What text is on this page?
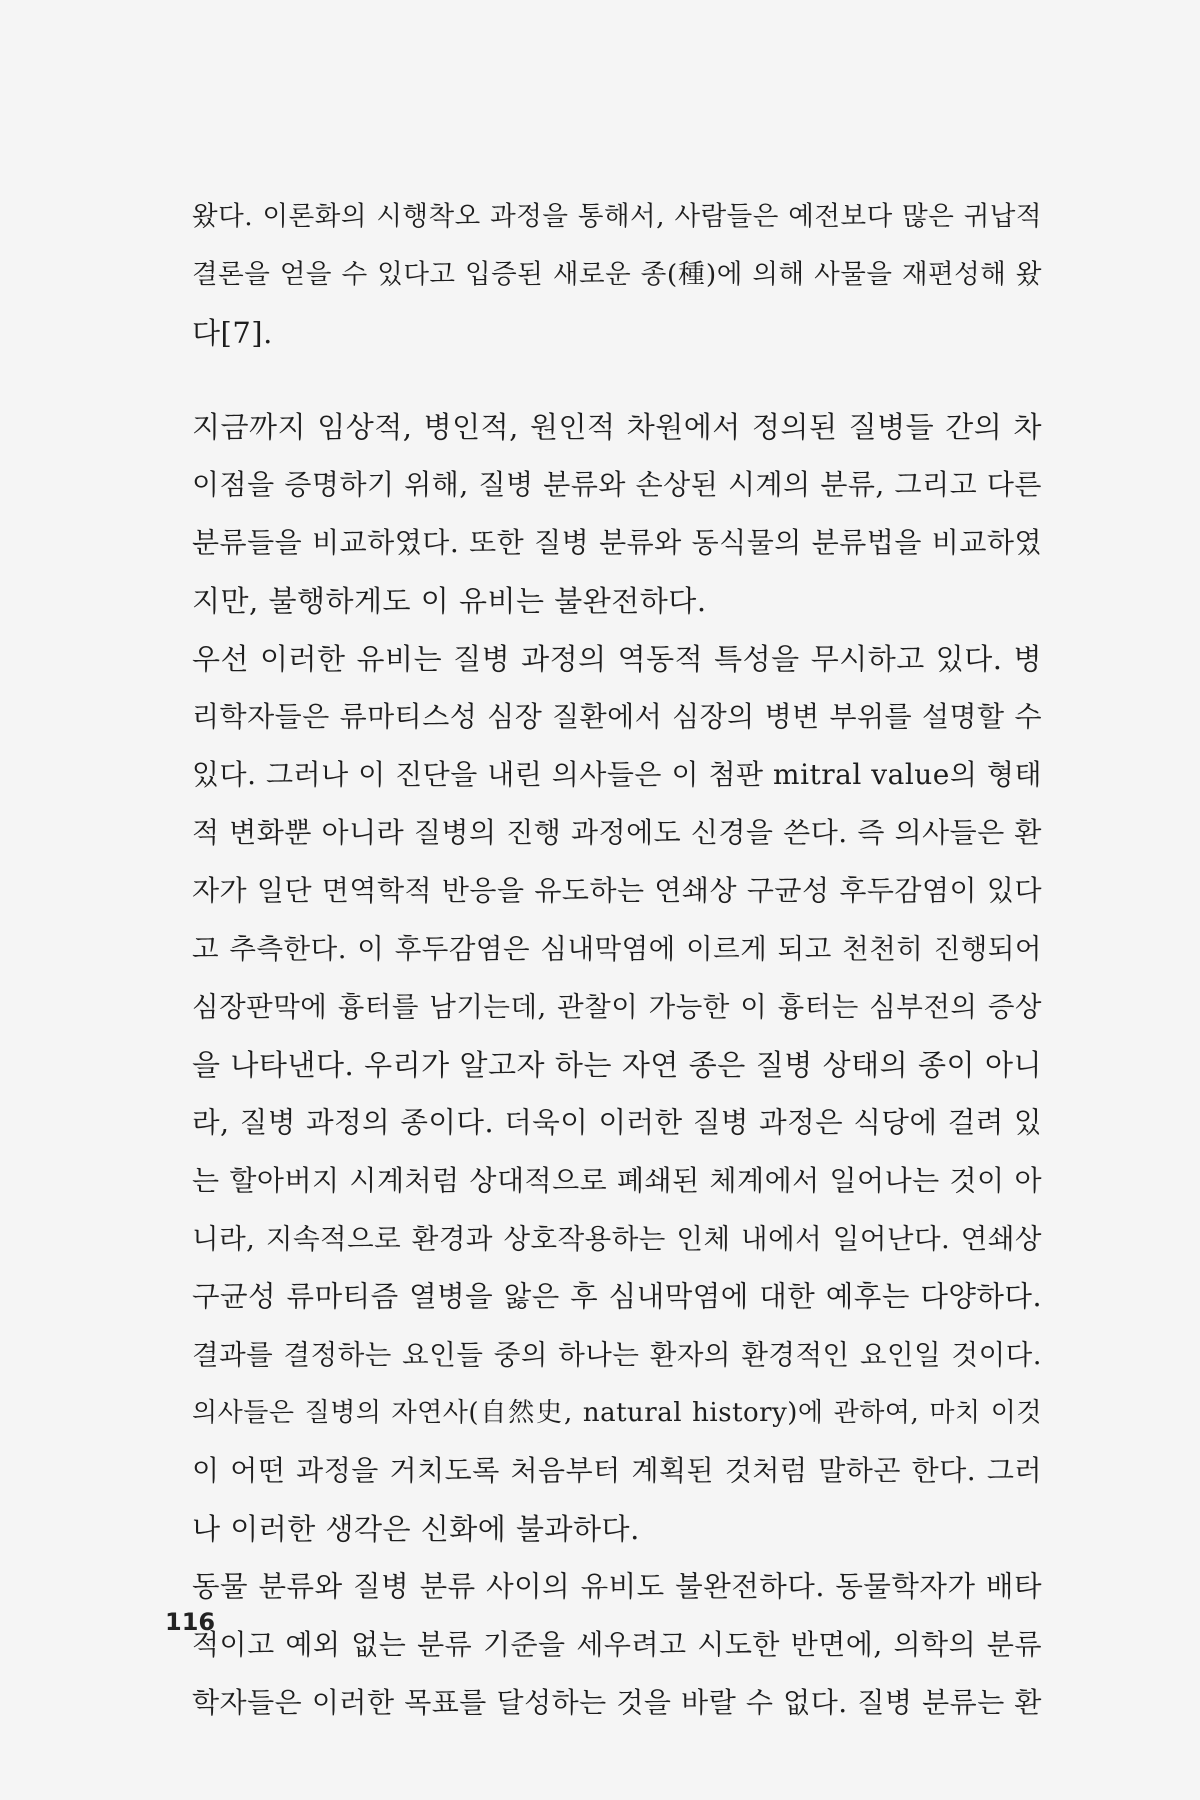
왔다. 이론화의 시행착오 과정을 통해서, 사람들은 예전보다 많은 귀납적
결론을 얻을 수 있다고 입증된 새로운 종(種)에 의해 사물을 재편성해 왔
다[7].
지금까지 임상적, 병인적, 원인적 차원에서 정의된 질병들 간의 차
이점을 증명하기 위해, 질병 분류와 손상된 시계의 분류, 그리고 다른
분류들을 비교하였다. 또한 질병 분류와 동식물의 분류법을 비교하였
지만, 불행하게도 이 유비는 불완전하다.
우선 이러한 유비는 질병 과정의 역동적 특성을 무시하고 있다. 병
리학자들은 류마티스성 심장 질환에서 심장의 병변 부위를 설명할 수
있다. 그러나 이 진단을 내린 의사들은 이 첨판 mitral value의 형태
적 변화뿐 아니라 질병의 진행 과정에도 신경을 쓴다. 즉 의사들은 환
자가 일단 면역학적 반응을 유도하는 연쇄상 구균성 후두감염이 있다
고 추측한다. 이 후두감염은 심내막염에 이르게 되고 천천히 진행되어
심장판막에 흉터를 남기는데, 관찰이 가능한 이 흉터는 심부전의 증상
을 나타낸다. 우리가 알고자 하는 자연 종은 질병 상태의 종이 아니
라, 질병 과정의 종이다. 더욱이 이러한 질병 과정은 식당에 걸려 있
는 할아버지 시계처럼 상대적으로 폐쇄된 체계에서 일어나는 것이 아
니라, 지속적으로 환경과 상호작용하는 인체 내에서 일어난다. 연쇄상
구균성 류마티즘 열병을 앓은 후 심내막염에 대한 예후는 다양하다.
결과를 결정하는 요인들 중의 하나는 환자의 환경적인 요인일 것이다.
의사들은 질병의 자연사(自然史, natural history)에 관하여, 마치 이것
이 어떤 과정을 거치도록 처음부터 계획된 것처럼 말하곤 한다. 그러
나 이러한 생각은 신화에 불과하다.
동물 분류와 질병 분류 사이의 유비도 불완전하다. 동물학자가 배타
적이고 예외 없는 분류 기준을 세우려고 시도한 반면에, 의학의 분류
학자들은 이러한 목표를 달성하는 것을 바랄 수 없다. 질병 분류는 환
116
